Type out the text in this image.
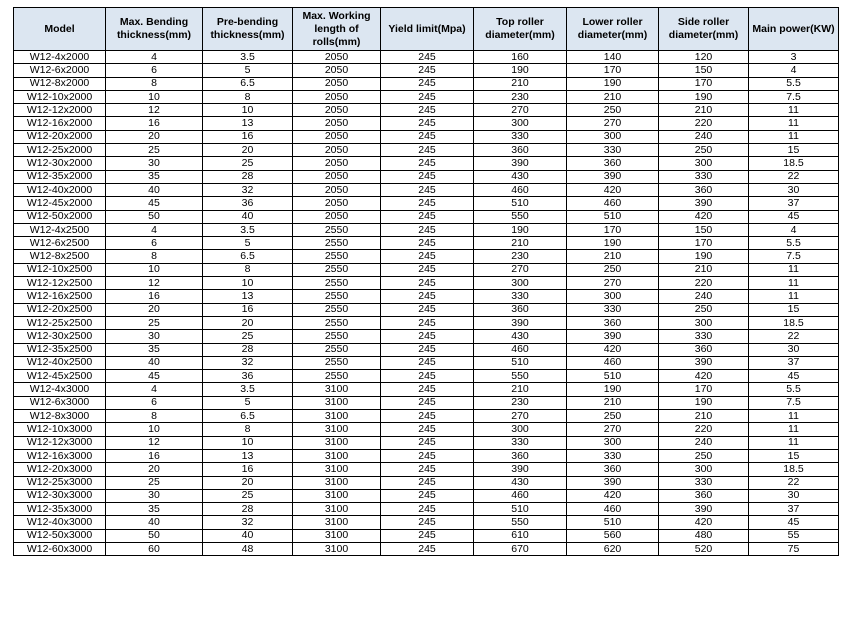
Model	Max. Bending thickness(mm)	Pre-bending thickness(mm)	Max. Working length of rolls(mm)	Yield limit(Mpa)	Top roller diameter(mm)	Lower roller diameter(mm)	Side roller diameter(mm)	Main power(KW)
W12-4x2000	4	3.5	2050	245	160	140	120	3
W12-6x2000	6	5	2050	245	190	170	150	4
W12-8x2000	8	6.5	2050	245	210	190	170	5.5
W12-10x2000	10	8	2050	245	230	210	190	7.5
W12-12x2000	12	10	2050	245	270	250	210	11
W12-16x2000	16	13	2050	245	300	270	220	11
W12-20x2000	20	16	2050	245	330	300	240	11
W12-25x2000	25	20	2050	245	360	330	250	15
W12-30x2000	30	25	2050	245	390	360	300	18.5
W12-35x2000	35	28	2050	245	430	390	330	22
W12-40x2000	40	32	2050	245	460	420	360	30
W12-45x2000	45	36	2050	245	510	460	390	37
W12-50x2000	50	40	2050	245	550	510	420	45
W12-4x2500	4	3.5	2550	245	190	170	150	4
W12-6x2500	6	5	2550	245	210	190	170	5.5
W12-8x2500	8	6.5	2550	245	230	210	190	7.5
W12-10x2500	10	8	2550	245	270	250	210	11
W12-12x2500	12	10	2550	245	300	270	220	11
W12-16x2500	16	13	2550	245	330	300	240	11
W12-20x2500	20	16	2550	245	360	330	250	15
W12-25x2500	25	20	2550	245	390	360	300	18.5
W12-30x2500	30	25	2550	245	430	390	330	22
W12-35x2500	35	28	2550	245	460	420	360	30
W12-40x2500	40	32	2550	245	510	460	390	37
W12-45x2500	45	36	2550	245	550	510	420	45
W12-4x3000	4	3.5	3100	245	210	190	170	5.5
W12-6x3000	6	5	3100	245	230	210	190	7.5
W12-8x3000	8	6.5	3100	245	270	250	210	11
W12-10x3000	10	8	3100	245	300	270	220	11
W12-12x3000	12	10	3100	245	330	300	240	11
W12-16x3000	16	13	3100	245	360	330	250	15
W12-20x3000	20	16	3100	245	390	360	300	18.5
W12-25x3000	25	20	3100	245	430	390	330	22
W12-30x3000	30	25	3100	245	460	420	360	30
W12-35x3000	35	28	3100	245	510	460	390	37
W12-40x3000	40	32	3100	245	550	510	420	45
W12-50x3000	50	40	3100	245	610	560	480	55
W12-60x3000	60	48	3100	245	670	620	520	75
